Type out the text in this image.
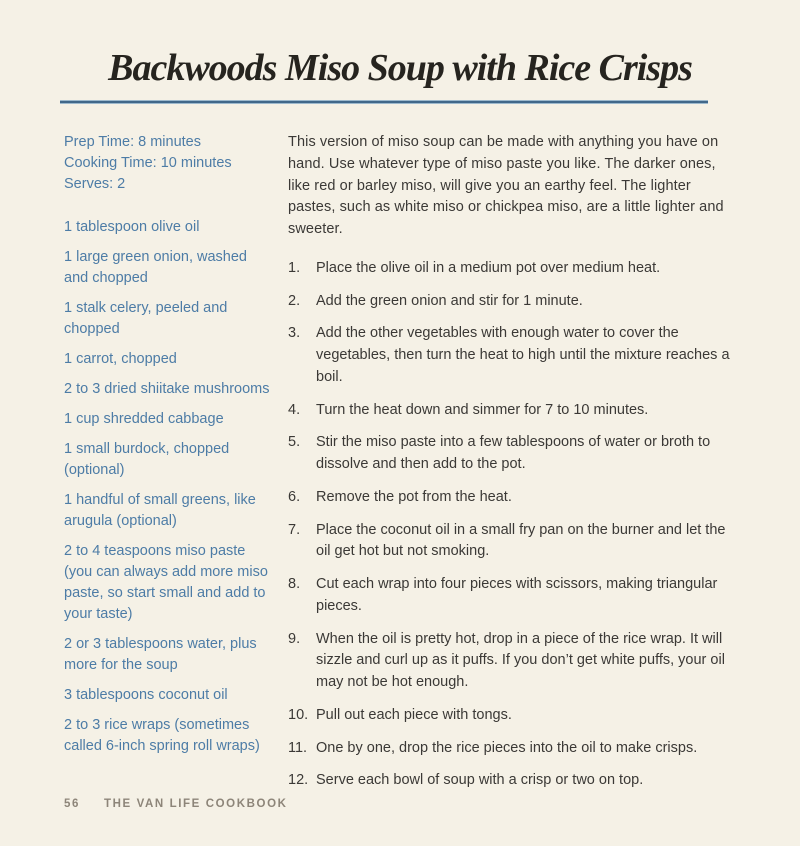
Backwoods Miso Soup with Rice Crisps
Prep Time: 8 minutes
Cooking Time: 10 minutes
Serves: 2
1 tablespoon olive oil
1 large green onion, washed and chopped
1 stalk celery, peeled and chopped
1 carrot, chopped
2 to 3 dried shiitake mushrooms
1 cup shredded cabbage
1 small burdock, chopped (optional)
1 handful of small greens, like arugula (optional)
2 to 4 teaspoons miso paste (you can always add more miso paste, so start small and add to your taste)
2 or 3 tablespoons water, plus more for the soup
3 tablespoons coconut oil
2 to 3 rice wraps (sometimes called 6-inch spring roll wraps)

This version of miso soup can be made with anything you have on hand. Use whatever type of miso paste you like. The darker ones, like red or barley miso, will give you an earthy feel. The lighter pastes, such as white miso or chickpea miso, are a little lighter and sweeter.

1.	Place the olive oil in a medium pot over medium heat.
2.	Add the green onion and stir for 1 minute.
3.	Add the other vegetables with enough water to cover the vegetables, then turn the heat to high until the mixture reaches a boil.
4.	Turn the heat down and simmer for 7 to 10 minutes.
5.	Stir the miso paste into a few tablespoons of water or broth to dissolve and then add to the pot.
6.	Remove the pot from the heat.
7.	Place the coconut oil in a small fry pan on the burner and let the oil get hot but not smoking.
8.	Cut each wrap into four pieces with scissors, making triangular pieces.
9.	When the oil is pretty hot, drop in a piece of the rice wrap. It will sizzle and curl up as it puffs. If you don’t get white puffs, your oil may not be hot enough.
10. Pull out each piece with tongs.
11. One by one, drop the rice pieces into the oil to make crisps.
12. Serve each bowl of soup with a crisp or two on top.
56 THE VAN LIFE COOKBOOK
